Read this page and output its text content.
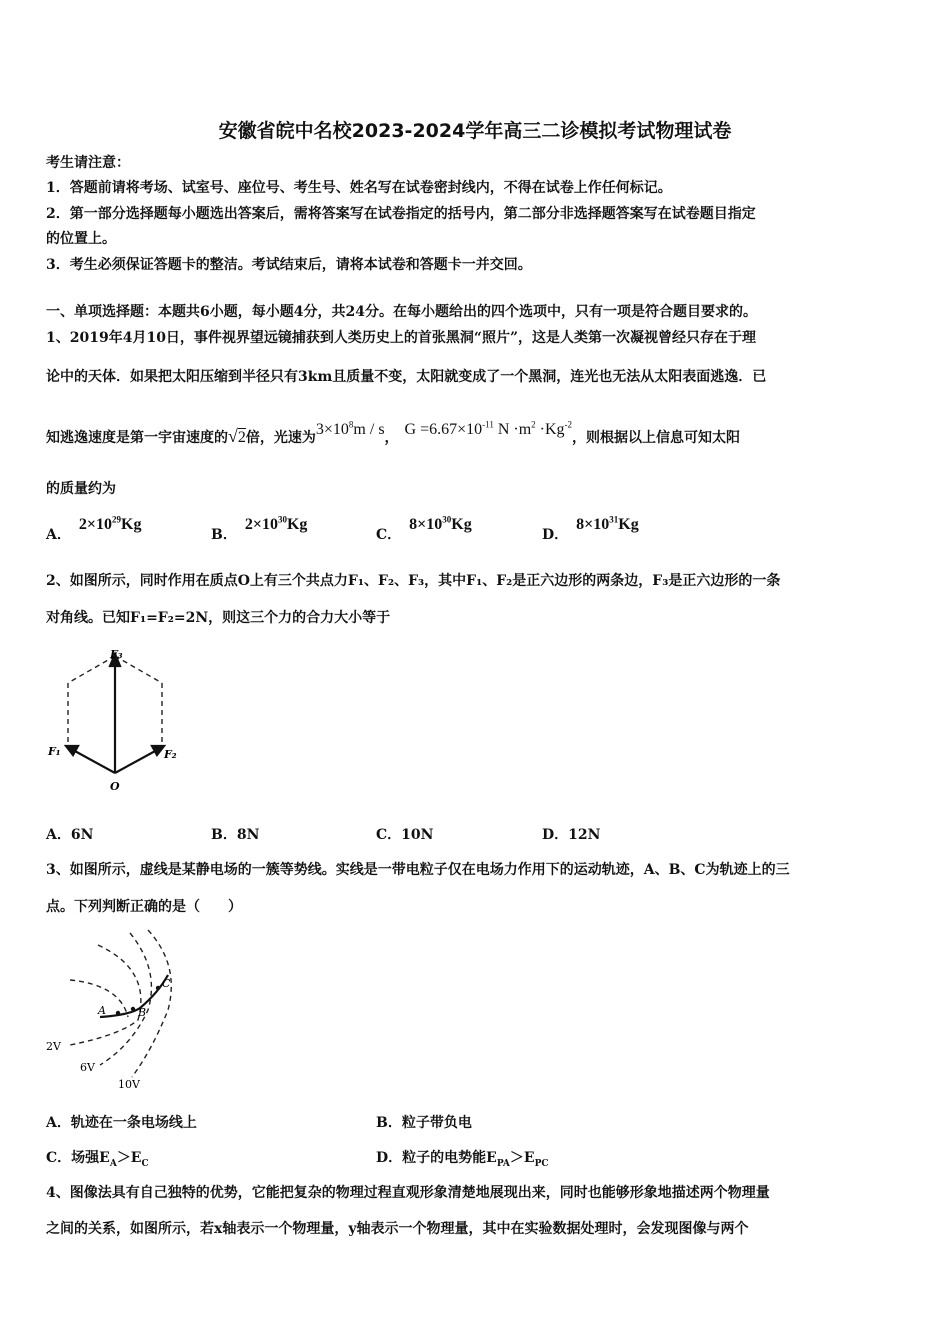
安徽省皖中名校2023-2024学年高三二诊模拟考试物理试卷
考生请注意：
1．答题前请将考场、试室号、座位号、考生号、姓名写在试卷密封线内，不得在试卷上作任何标记。
2．第一部分选择题每小题选出答案后，需将答案写在试卷指定的括号内，第二部分非选择题答案写在试卷题目指定
的位置上。
3．考生必须保证答题卡的整洁。考试结束后，请将本试卷和答题卡一并交回。
一、单项选择题：本题共6小题，每小题4分，共24分。在每小题给出的四个选项中，只有一项是符合题目要求的。
1、2019年4月10日，事件视界望远镜捕获到人类历史上的首张黑洞“照片”，这是人类第一次凝视曾经只存在于理
论中的天体．如果把太阳压缩到半径只有3km且质量不变，太阳就变成了一个黑洞，连光也无法从太阳表面逃逸．已
知逃逸速度是第一宇宙速度的√2倍，光速为$3\times 10^8m / s$， $G =6.67\times 10^{-11}$ $N \cdot m^2 \cdot Kg^{-2}$，则根据以上信息可知太阳
的质量约为
A．$2\times 10^{29}Kg$
B．$2\times 10^{30}Kg$
C．$8\times 10^{30}Kg$
D．$8\times 10^{31}Kg$
2、如图所示，同时作用在质点O上有三个共点力F₁、F₂、F₃，其中F₁、F₂是正六边形的两条边，F₃是正六边形的一条
对角线。已知F₁=F₂=2N，则这三个力的合力大小等于
F₃
F₁	F₂
O
A．6N	B．8N	C．10N	D．12N
3、如图所示，虚线是某静电场的一簇等势线。实线是一带电粒子仅在电场力作用下的运动轨迹，A、B、C为轨迹上的三
点。下列判断正确的是（　　）
A	B
C
2V
6V
10V
A．轨迹在一条电场线上	B．粒子带负电
C．场强$E_A>E_C$	D．粒子的电势能$E_{PA}>E_{PC}$
4、图像法具有自己独特的优势，它能把复杂的物理过程直观形象清楚地展现出来，同时也能够形象地描述两个物理量
之间的关系，如图所示，若x轴表示一个物理量，y轴表示一个物理量，其中在实验数据处理时，会发现图像与两个
